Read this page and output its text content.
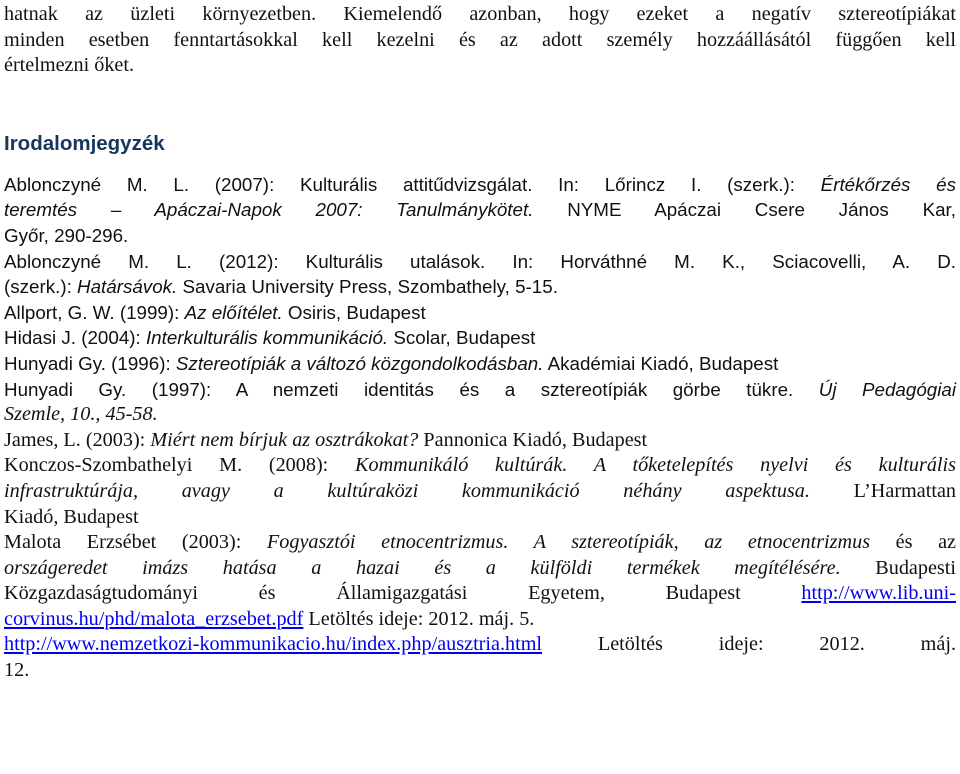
hatnak az üzleti környezetben. Kiemelendő azonban, hogy ezeket a negatív sztereotípiákat
minden esetben fenntartásokkal kell kezelni és az adott személy hozzáállásától függően kell
értelmezni őket.
Irodalomjegyzék
Ablonczyné M. L. (2007): Kulturális attitűdvizsgálat. In: Lőrincz I. (szerk.): Értékőrzés és
teremtés – Apáczai-Napok 2007: Tanulmánykötet. NYME Apáczai Csere János Kar,
Győr, 290-296.
Ablonczyné M. L. (2012): Kulturális utalások. In: Horváthné M. K., Sciacovelli, A. D.
(szerk.): Határsávok. Savaria University Press, Szombathely, 5-15.
Allport, G. W. (1999): Az előítélet. Osiris, Budapest
Hidasi J. (2004): Interkulturális kommunikáció. Scolar, Budapest
Hunyadi Gy. (1996): Sztereotípiák a változó közgondolkodásban. Akadémiai Kiadó, Budapest
Hunyadi Gy. (1997): A nemzeti identitás és a sztereotípiák görbe tükre. Új Pedagógiai
Szemle, 10., 45-58.
James, L. (2003): Miért nem bírjuk az osztrákokat? Pannonica Kiadó, Budapest
Konczos-Szombathelyi M. (2008): Kommunikáló kultúrák. A tőketelepítés nyelvi és kulturális
infrastruktúrája, avagy a kultúraközi kommunikáció néhány aspektusa. L’Harmattan
Kiadó, Budapest
Malota Erzsébet (2003): Fogyasztói etnocentrizmus. A sztereotípiák, az etnocentrizmus és az
országeredet imázs hatása a hazai és a külföldi termékek megítélésére. Budapesti
Közgazdaságtudományi és Államigazgatási Egyetem, Budapest http://www.lib.uni-
corvinus.hu/phd/malota_erzsebet.pdf Letöltés ideje: 2012. máj. 5.
http://www.nemzetkozi-kommunikacio.hu/index.php/ausztria.html Letöltés ideje: 2012. máj.
12.
